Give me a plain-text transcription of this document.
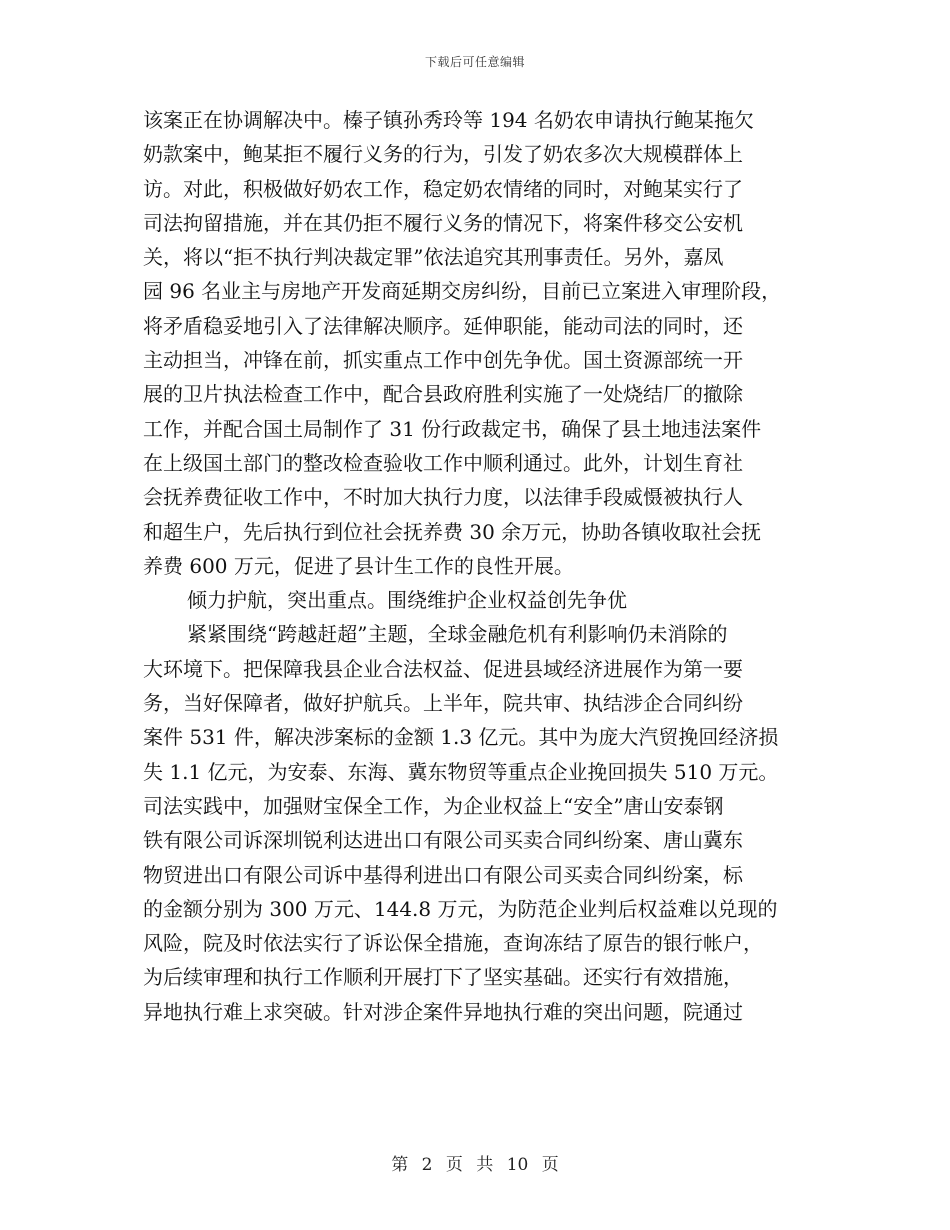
下载后可任意编辑
该案正在协调解决中。榛子镇孙秀玲等 194 名奶农申请执行鲍某拖欠
奶款案中，鲍某拒不履行义务的行为，引发了奶农多次大规模群体上
访。对此，积极做好奶农工作，稳定奶农情绪的同时，对鲍某实行了
司法拘留措施，并在其仍拒不履行义务的情况下，将案件移交公安机
关，将以“拒不执行判决裁定罪”依法追究其刑事责任。另外，嘉凤
园 96 名业主与房地产开发商延期交房纠纷，目前已立案进入审理阶段，
将矛盾稳妥地引入了法律解决顺序。延伸职能，能动司法的同时，还
主动担当，冲锋在前，抓实重点工作中创先争优。国土资源部统一开
展的卫片执法检查工作中，配合县政府胜利实施了一处烧结厂的撤除
工作，并配合国土局制作了 31 份行政裁定书，确保了县土地违法案件
在上级国土部门的整改检查验收工作中顺利通过。此外，计划生育社
会抚养费征收工作中，不时加大执行力度，以法律手段威慑被执行人
和超生户，先后执行到位社会抚养费 30 余万元，协助各镇收取社会抚
养费 600 万元，促进了县计生工作的良性开展。
倾力护航，突出重点。围绕维护企业权益创先争优
紧紧围绕“跨越赶超”主题，全球金融危机有利影响仍未消除的
大环境下。把保障我县企业合法权益、促进县域经济进展作为第一要
务，当好保障者，做好护航兵。上半年，院共审、执结涉企合同纠纷
案件 531 件，解决涉案标的金额 1.3 亿元。其中为庞大汽贸挽回经济损
失 1.1 亿元，为安泰、东海、冀东物贸等重点企业挽回损失 510 万元。
司法实践中，加强财宝保全工作，为企业权益上“安全”唐山安泰钢
铁有限公司诉深圳锐利达进出口有限公司买卖合同纠纷案、唐山冀东
物贸进出口有限公司诉中基得利进出口有限公司买卖合同纠纷案，标
的金额分别为 300 万元、144.8 万元，为防范企业判后权益难以兑现的
风险，院及时依法实行了诉讼保全措施，查询冻结了原告的银行帐户，
为后续审理和执行工作顺利开展打下了坚实基础。还实行有效措施，
异地执行难上求突破。针对涉企案件异地执行难的突出问题，院通过
第 2 页 共 10 页
